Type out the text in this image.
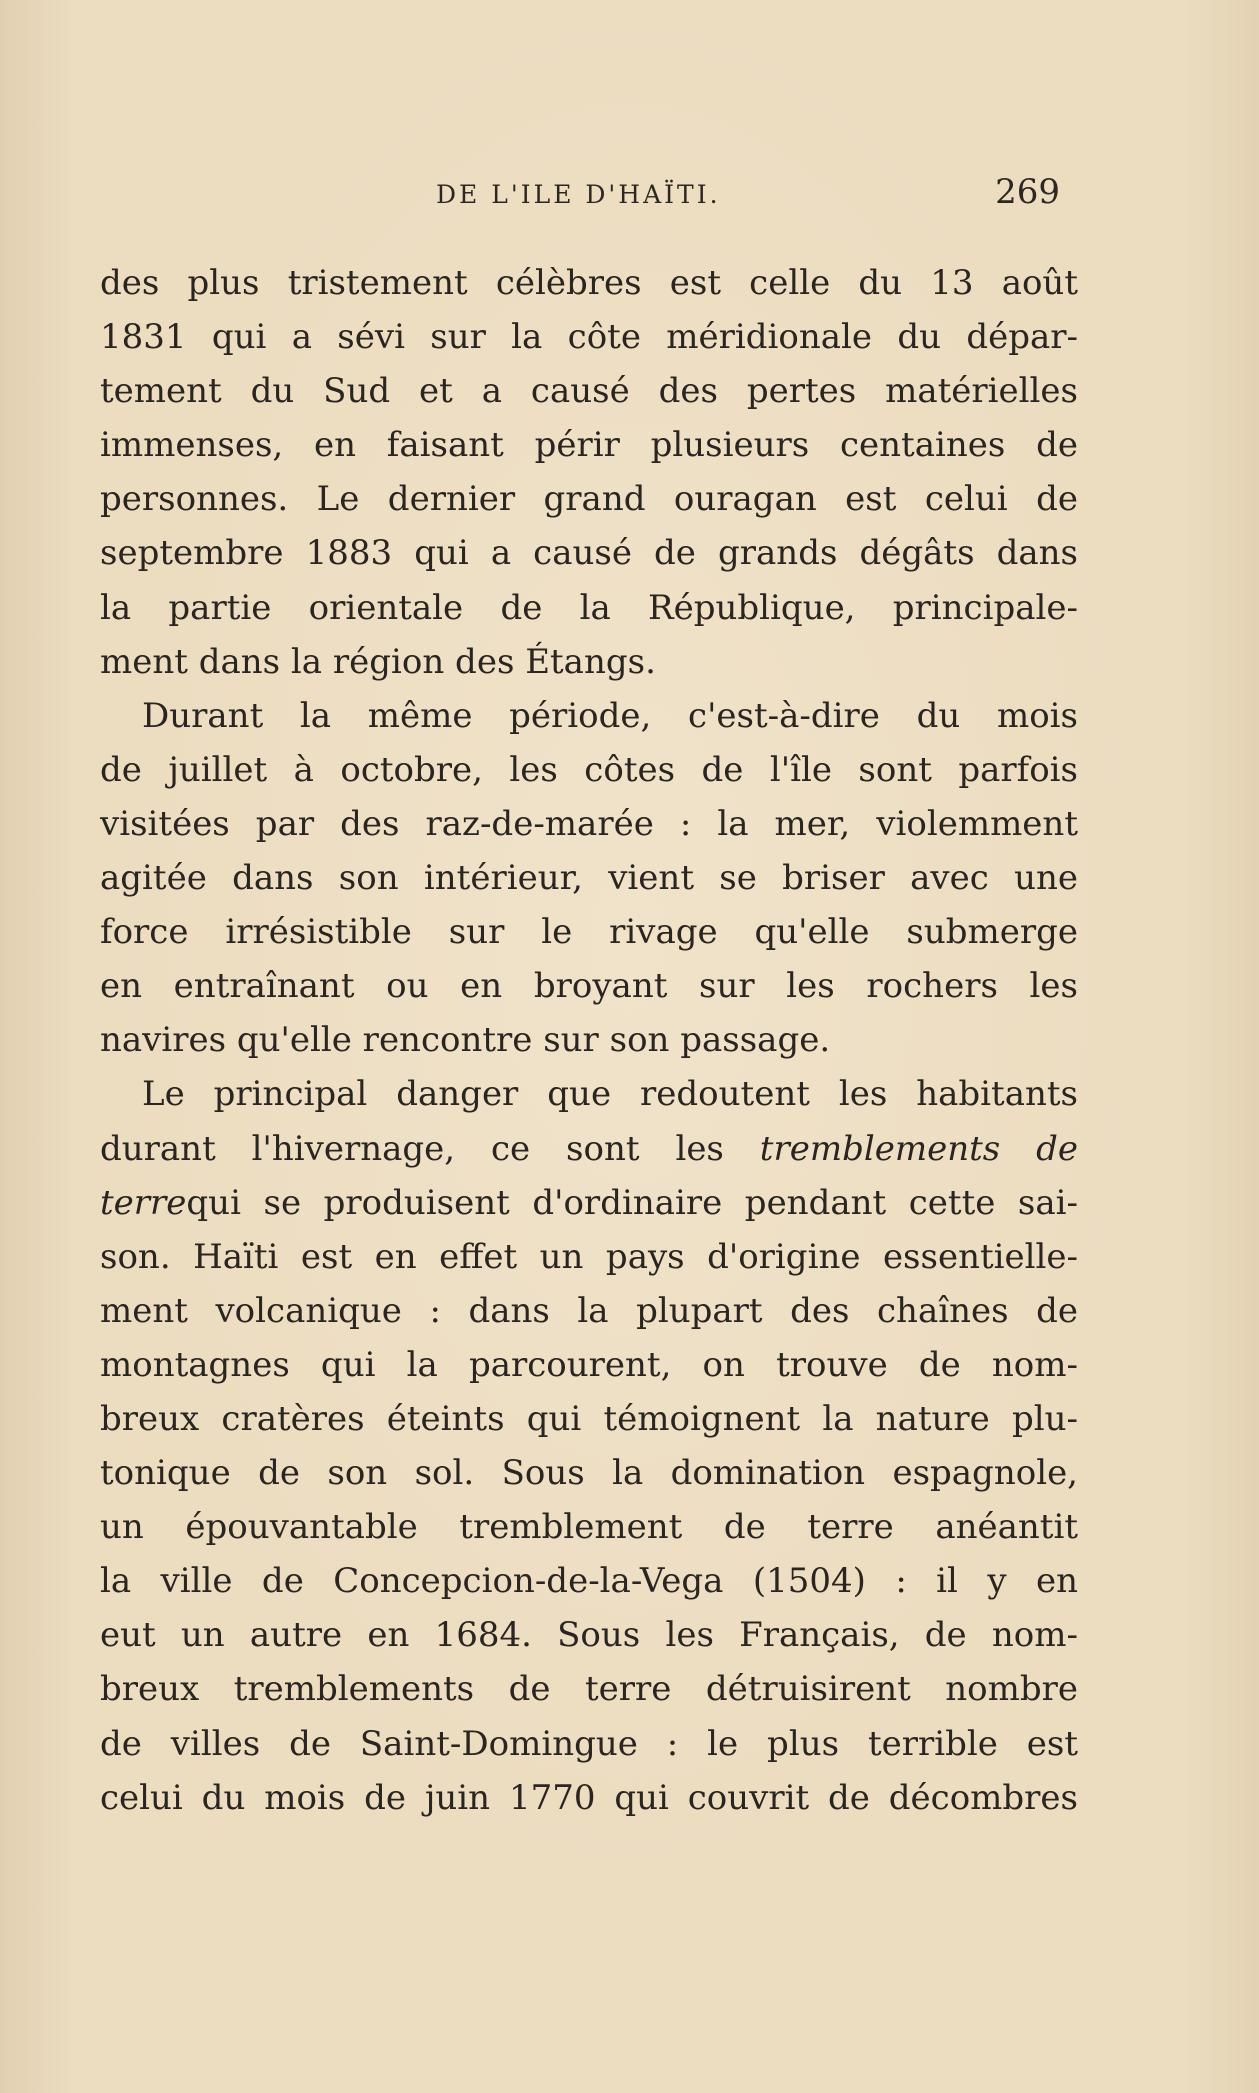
DE L'ILE D'HAÏTI.	269
des plus tristement célèbres est celle du 13 août
1831 qui a sévi sur la côte méridionale du dépar-
tement du Sud et a causé des pertes matérielles
immenses, en faisant périr plusieurs centaines de
personnes. Le dernier grand ouragan est celui de
septembre 1883 qui a causé de grands dégâts dans
la partie orientale de la République, principale-
ment dans la région des Étangs.
Durant la même période, c'est-à-dire du mois
de juillet à octobre, les côtes de l'île sont parfois
visitées par des raz-de-marée : la mer, violemment
agitée dans son intérieur, vient se briser avec une
force irrésistible sur le rivage qu'elle submerge
en entraînant ou en broyant sur les rochers les
navires qu'elle rencontre sur son passage.
Le principal danger que redoutent les habitants
durant l'hivernage, ce sont les tremblements de
terrequi se produisent d'ordinaire pendant cette sai-
son. Haïti est en effet un pays d'origine essentielle-
ment volcanique : dans la plupart des chaînes de
montagnes qui la parcourent, on trouve de nom-
breux cratères éteints qui témoignent la nature plu-
tonique de son sol. Sous la domination espagnole,
un épouvantable tremblement de terre anéantit
la ville de Concepcion-de-la-Vega (1504) : il y en
eut un autre en 1684. Sous les Français, de nom-
breux tremblements de terre détruisirent nombre
de villes de Saint-Domingue : le plus terrible est
celui du mois de juin 1770 qui couvrit de décombres
